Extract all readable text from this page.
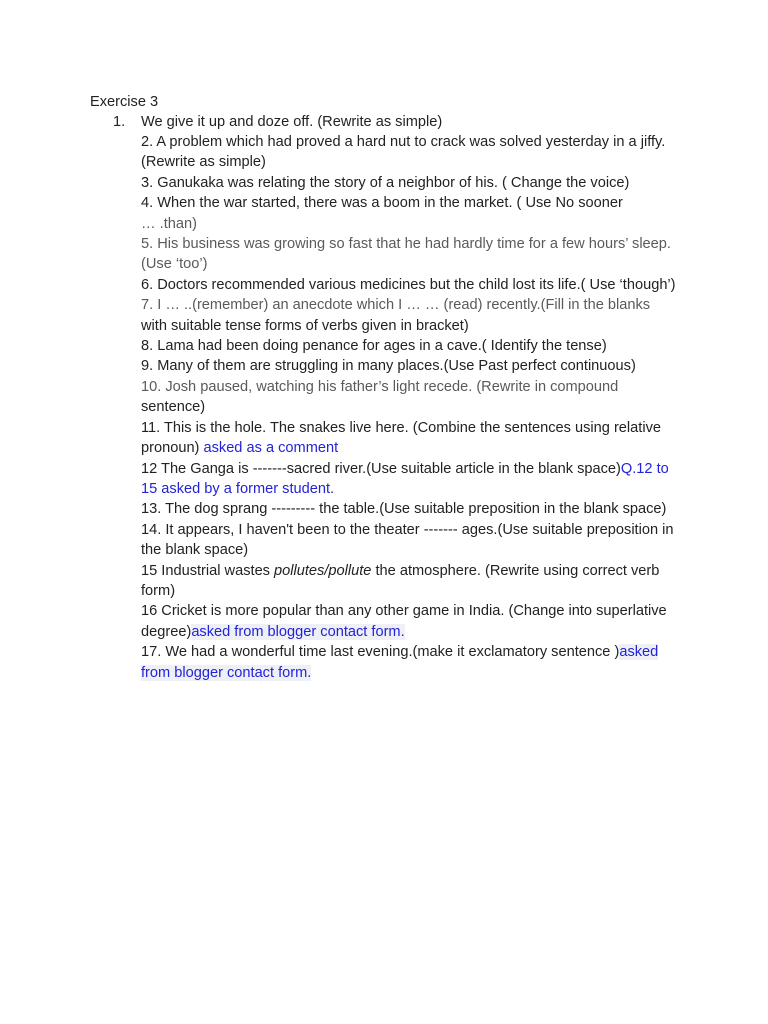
Exercise 3
1. We give it up and doze off. (Rewrite as simple)

2. A problem which had proved a hard nut to crack was solved yesterday in a jiffy. (Rewrite as simple)

3. Ganukaka was relating the story of a neighbor of his. ( Change the voice)

4. When the war started, there was a boom in the market. ( Use No sooner

… .than)

5. His business was growing so fast that he had hardly time for a few hours’ sleep.(Use ‘too’)

6. Doctors recommended various medicines but the child lost its life.( Use ‘though’)

7. I … ..(remember) an anecdote which I … … (read) recently.(Fill in the blanks

with suitable tense forms of verbs given in bracket)

8. Lama had been doing penance for ages in a cave.( Identify the tense)

9. Many of them are struggling in many places.(Use Past perfect continuous)

10. Josh paused, watching his father’s light recede. (Rewrite in compound

sentence)

11. This is the hole. The snakes live here. (Combine the sentences using relative pronoun) asked as a comment

12 The Ganga is -------sacred river.(Use suitable article in the blank space)Q.12 to 15 asked by a former student.

13. The dog sprang --------- the table.(Use suitable preposition in the blank space)

14. It appears, I haven't been to the theater ------- ages.(Use suitable preposition in the blank space)

15 Industrial wastes pollutes/pollute the atmosphere. (Rewrite using correct verb form)

16 Cricket is more popular than any other game in India. (Change into superlative degree)asked from blogger contact form.

17. We had a wonderful time last evening.(make it exclamatory sentence )asked from blogger contact form.
